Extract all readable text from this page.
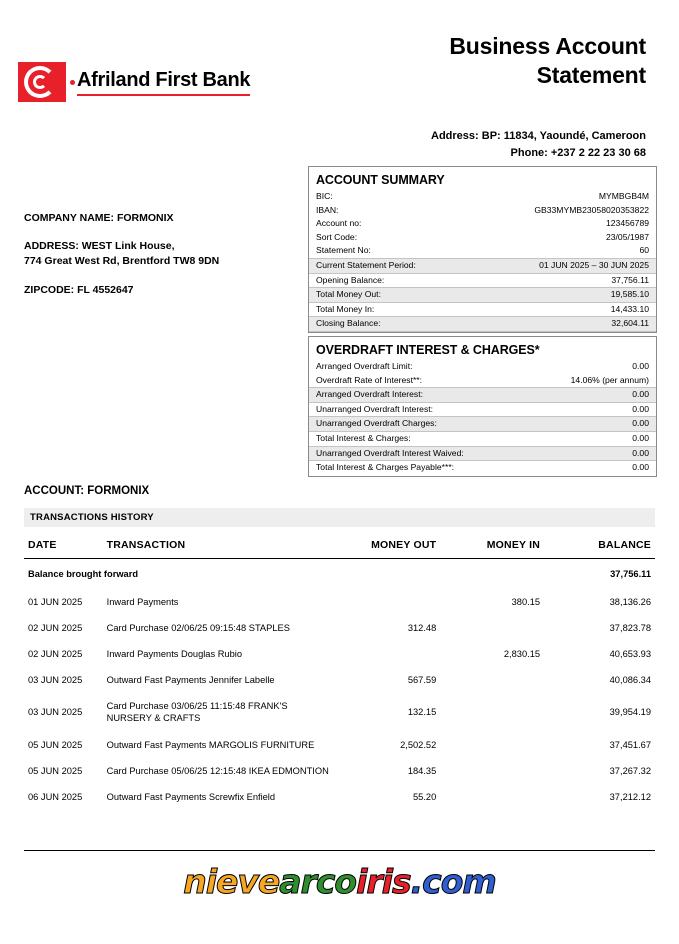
Business Account
Statement
Afriland First Bank
Address: BP: 11834, Yaoundé, Cameroon
Phone: +237 2 22 23 30 68
COMPANY NAME: FORMONIX
ADDRESS: WEST Link House,
774 Great West Rd, Brentford TW8 9DN
ZIPCODE: FL 4552647
ACCOUNT SUMMARY
BIC:	MYMBGB4M
IBAN:	GB33MYMB23058020353822
Account no:	123456789
Sort Code:	23/05/1987
Statement No:	60
Current Statement Period:	01 JUN 2025 – 30 JUN 2025
Opening Balance:	37,756.11
Total Money Out:	19,585.10
Total Money In:	14,433.10
Closing Balance:	32,604.11
OVERDRAFT INTEREST & CHARGES*
Arranged Overdraft Limit:	0.00
Overdraft Rate of Interest**:	14.06% (per annum)
Arranged Overdraft Interest:	0.00
Unarranged Overdraft Interest:	0.00
Unarranged Overdraft Charges:	0.00
Total Interest & Charges:	0.00
Unarranged Overdraft Interest Waived:	0.00
Total Interest & Charges Payable***:	0.00
ACCOUNT: FORMONIX
TRANSACTIONS HISTORY
DATE	TRANSACTION	MONEY OUT	MONEY IN	BALANCE
Balance brought forward				37,756.11
01 JUN 2025	Inward Payments		380.15	38,136.26
02 JUN 2025	Card Purchase 02/06/25 09:15:48 STAPLES	312.48		37,823.78
02 JUN 2025	Inward Payments Douglas Rubio		2,830.15	40,653.93
03 JUN 2025	Outward Fast Payments Jennifer Labelle	567.59		40,086.34
03 JUN 2025	Card Purchase 03/06/25 11:15:48 FRANK'S NURSERY & CRAFTS	132.15		39,954.19
05 JUN 2025	Outward Fast Payments MARGOLIS FURNITURE	2,502.52		37,451.67
05 JUN 2025	Card Purchase 05/06/25 12:15:48 IKEA EDMONTION	184.35		37,267.32
06 JUN 2025	Outward Fast Payments Screwfix Enfield	55.20		37,212.12
nievearcoiris.com
